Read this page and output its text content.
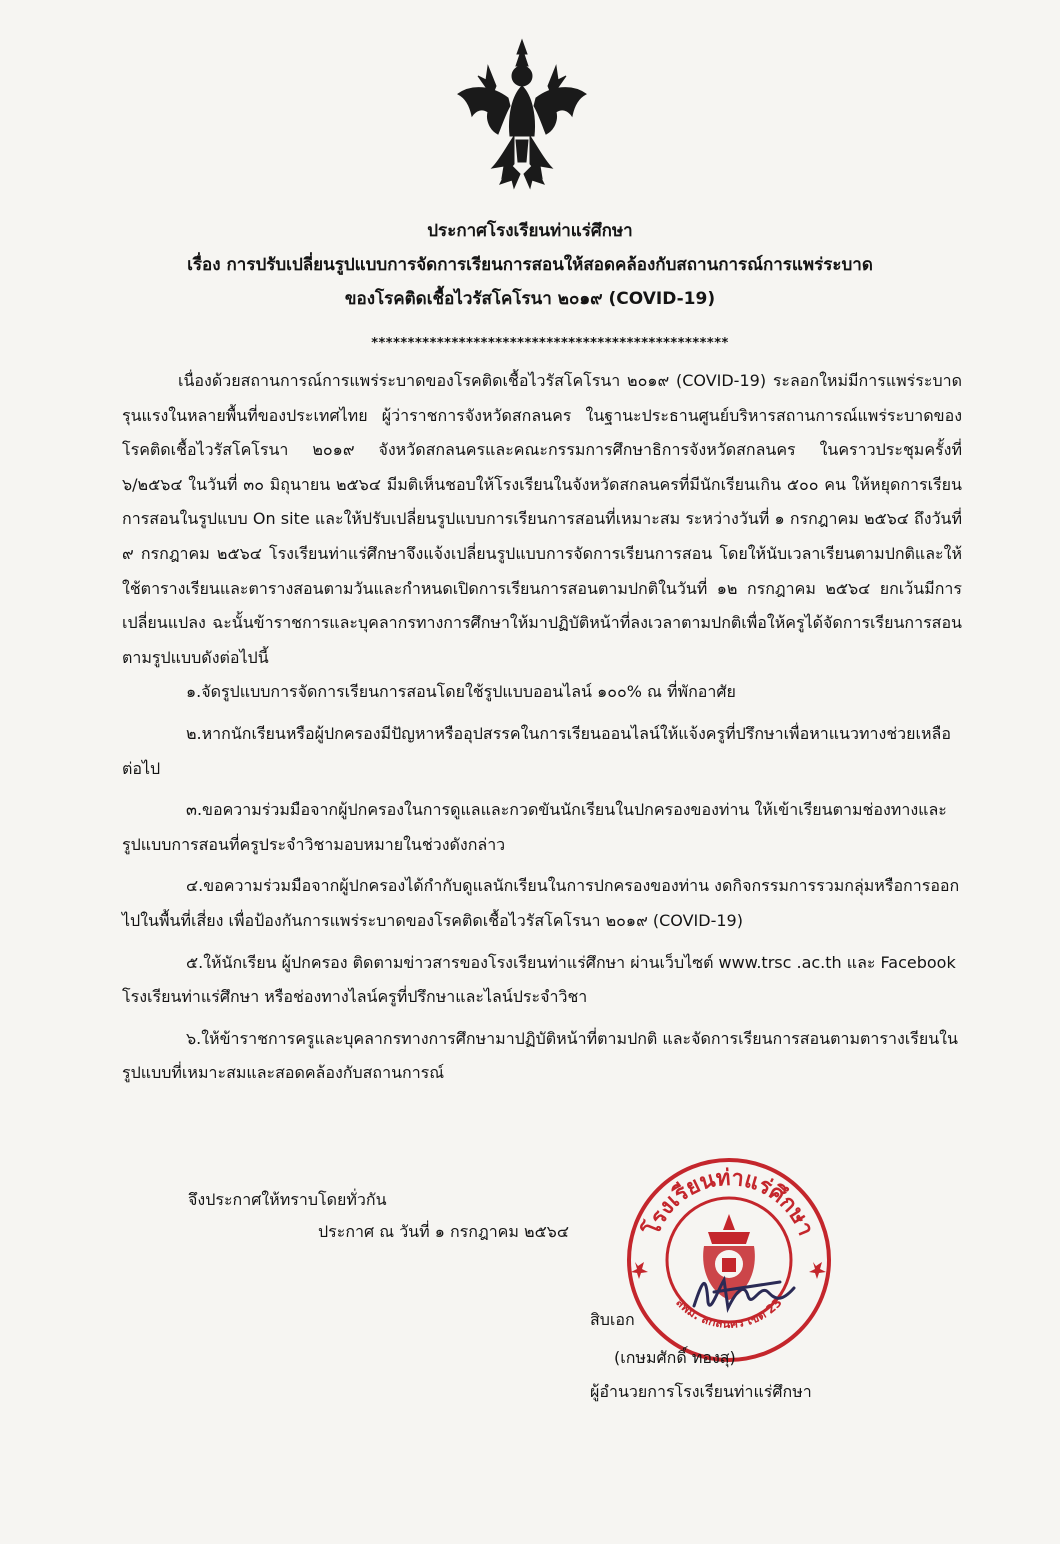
ประกาศโรงเรียนท่าแร่ศึกษา
เรื่อง การปรับเปลี่ยนรูปแบบการจัดการเรียนการสอนให้สอดคล้องกับสถานการณ์การแพร่ระบาด
ของโรคติดเชื้อไวรัสโคโรนา ๒๐๑๙ (COVID-19)
*************************************************

เนื่องด้วยสถานการณ์การแพร่ระบาดของโรคติดเชื้อไวรัสโคโรนา ๒๐๑๙ (COVID-19) ระลอกใหม่มีการแพร่ระบาดรุนแรงในหลายพื้นที่ของประเทศไทย ผู้ว่าราชการจังหวัดสกลนคร ในฐานะประธานศูนย์บริหารสถานการณ์แพร่ระบาดของโรคติดเชื้อไวรัสโคโรนา ๒๐๑๙ จังหวัดสกลนครและคณะกรรมการศึกษาธิการจังหวัดสกลนคร ในคราวประชุมครั้งที่ ๖/๒๕๖๔ ในวันที่ ๓๐ มิถุนายน ๒๕๖๔ มีมติเห็นชอบให้โรงเรียนในจังหวัดสกลนครที่มีนักเรียนเกิน ๕๐๐ คน ให้หยุดการเรียนการสอนในรูปแบบ On site และให้ปรับเปลี่ยนรูปแบบการเรียนการสอนที่เหมาะสม ระหว่างวันที่ ๑ กรกฎาคม ๒๕๖๔ ถึงวันที่ ๙ กรกฎาคม ๒๕๖๔ โรงเรียนท่าแร่ศึกษาจึงแจ้งเปลี่ยนรูปแบบการจัดการเรียนการสอน โดยให้นับเวลาเรียนตามปกติและให้ใช้ตารางเรียนและตารางสอนตามวันและกำหนดเปิดการเรียนการสอนตามปกติในวันที่ ๑๒ กรกฎาคม ๒๕๖๔ ยกเว้นมีการเปลี่ยนแปลง ฉะนั้นข้าราชการและบุคลากรทางการศึกษาให้มาปฏิบัติหน้าที่ลงเวลาตามปกติเพื่อให้ครูได้จัดการเรียนการสอน ตามรูปแบบดังต่อไปนี้

๑.จัดรูปแบบการจัดการเรียนการสอนโดยใช้รูปแบบออนไลน์ ๑๐๐% ณ ที่พักอาศัย

๒.หากนักเรียนหรือผู้ปกครองมีปัญหาหรืออุปสรรคในการเรียนออนไลน์ให้แจ้งครูที่ปรึกษาเพื่อหาแนวทางช่วยเหลือต่อไป

๓.ขอความร่วมมือจากผู้ปกครองในการดูแลและกวดขันนักเรียนในปกครองของท่าน ให้เข้าเรียนตามช่องทางและรูปแบบการสอนที่ครูประจำวิชามอบหมายในช่วงดังกล่าว

๔.ขอความร่วมมือจากผู้ปกครองได้กำกับดูแลนักเรียนในการปกครองของท่าน งดกิจกรรมการรวมกลุ่มหรือการออกไปในพื้นที่เสี่ยง เพื่อป้องกันการแพร่ระบาดของโรคติดเชื้อไวรัสโคโรนา ๒๐๑๙ (COVID-19)

๕.ให้นักเรียน ผู้ปกครอง ติดตามข่าวสารของโรงเรียนท่าแร่ศึกษา ผ่านเว็บไซต์ www.trsc .ac.th และ Facebook โรงเรียนท่าแร่ศึกษา หรือช่องทางไลน์ครูที่ปรึกษาและไลน์ประจำวิชา

๖.ให้ข้าราชการครูและบุคลากรทางการศึกษามาปฏิบัติหน้าที่ตามปกติ และจัดการเรียนการสอนตามตารางเรียนในรูปแบบที่เหมาะสมและสอดคล้องกับสถานการณ์

จึงประกาศให้ทราบโดยทั่วกัน
ประกาศ ณ วันที่ ๑ กรกฎาคม ๒๕๖๔	โรงเรียนท่าแร่ศึกษา
สพม. สกลนคร เขต 23
สิบเอก
(เกษมศักดิ์ ทองสุ)
ผู้อำนวยการโรงเรียนท่าแร่ศึกษา
